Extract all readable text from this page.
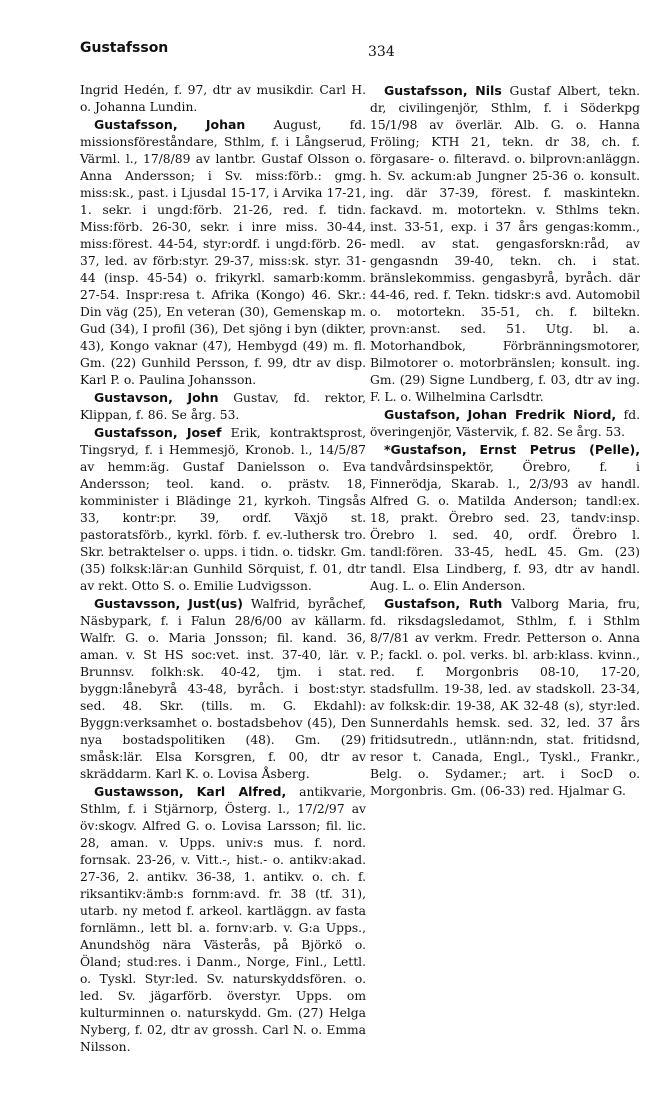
Gustafsson	334

Ingrid Hedén, f. 97, dtr av musikdir. Carl H. o. Johanna Lundin.

Gustafsson, Johan August, fd. missionsföreståndare, Sthlm, f. i Långserud, Värml. l., 17/8/89 av lantbr. Gustaf Olsson o. Anna Andersson; i Sv. miss:förb.: gmg. miss:sk., past. i Ljusdal 15-17, i Arvika 17-21, 1. sekr. i ungd:förb. 21-26, red. f. tidn. Miss:förb. 26-30, sekr. i inre miss. 30-44, miss:förest. 44-54, styr:ordf. i ungd:förb. 26-37, led. av förb:styr. 29-37, miss:sk. styr. 31-44 (insp. 45-54) o. frikyrkl. samarb:komm. 27-54. Inspr:resa t. Afrika (Kongo) 46. Skr.: Din väg (25), En veteran (30), Gemenskap m. Gud (34), I profil (36), Det sjöng i byn (dikter, 43), Kongo vaknar (47), Hembygd (49) m. fl. Gm. (22) Gunhild Persson, f. 99, dtr av disp. Karl P. o. Paulina Johansson.

Gustavson, John Gustav, fd. rektor, Klippan, f. 86. Se årg. 53.

Gustafsson, Josef Erik, kontraktsprost, Tingsryd, f. i Hemmesjö, Kronob. l., 14/5/87 av hemm:äg. Gustaf Danielsson o. Eva Andersson; teol. kand. o. prästv. 18, komminister i Blädinge 21, kyrkoh. Tingsås 33, kontr:pr. 39, ordf. Växjö st. pastoratsförb., kyrkl. förb. f. ev.-luthersk tro. Skr. betraktelser o. upps. i tidn. o. tidskr. Gm. (35) folksk:lär:an Gunhild Sörquist, f. 01, dtr av rekt. Otto S. o. Emilie Ludvigsson.

Gustavsson, Just(us) Walfrid, byråchef, Näsbypark, f. i Falun 28/6/00 av källarm. Walfr. G. o. Maria Jonsson; fil. kand. 36, aman. v. St HS soc:vet. inst. 37-40, lär. v. Brunnsv. folkh:sk. 40-42, tjm. i stat. byggn:lånebyrå 43-48, byråch. i bost:styr. sed. 48. Skr. (tills. m. G. Ekdahl): Byggn:verksamhet o. bostadsbehov (45), Den nya bostadspolitiken (48). Gm. (29) småsk:lär. Elsa Korsgren, f. 00, dtr av skräddarm. Karl K. o. Lovisa Åsberg.

Gustawsson, Karl Alfred, antikvarie, Sthlm, f. i Stjärnorp, Österg. l., 17/2/97 av öv:skogv. Alfred G. o. Lovisa Larsson; fil. lic. 28, aman. v. Upps. univ:s mus. f. nord. fornsak. 23-26, v. Vitt.-, hist.- o. antikv:akad. 27-36, 2. antikv. 36-38, 1. antikv. o. ch. f. riksantikv:ämb:s fornm:avd. fr. 38 (tf. 31), utarb. ny metod f. arkeol. kartläggn. av fasta fornlämn., lett bl. a. fornv:arb. v. G:a Upps., Anundshög nära Västerås, på Björkö o. Öland; stud:res. i Danm., Norge, Finl., Lettl. o. Tyskl. Styr:led. Sv. naturskyddsfören. o. led. Sv. jägarförb. överstyr. Upps. om kulturminnen o. naturskydd. Gm. (27) Helga Nyberg, f. 02, dtr av grossh. Carl N. o. Emma Nilsson.

Gustafsson, Nils Gustaf Albert, tekn. dr, civilingenjör, Sthlm, f. i Söderkpg 15/1/98 av överlär. Alb. G. o. Hanna Fröling; KTH 21, tekn. dr 38, ch. f. förgasare- o. filteravd. o. bilprovn:anläggn. h. Sv. ackum:ab Jungner 25-36 o. konsult. ing. där 37-39, förest. f. maskintekn. fackavd. m. motortekn. v. Sthlms tekn. inst. 33-51, exp. i 37 års gengas:komm., medl. av stat. gengasforskn:råd, av gengasndn 39-40, tekn. ch. i stat. bränslekommiss. gengasbyrå, byråch. där 44-46, red. f. Tekn. tidskr:s avd. Automobil o. motortekn. 35-51, ch. f. biltekn. provn:anst. sed. 51. Utg. bl. a. Motorhandbok, Förbränningsmotorer, Bilmotorer o. motorbränslen; konsult. ing. Gm. (29) Signe Lundberg, f. 03, dtr av ing. F. L. o. Wilhelmina Carlsdtr.

Gustafson, Johan Fredrik Niord, fd. överingenjör, Västervik, f. 82. Se årg. 53.

*Gustafson, Ernst Petrus (Pelle), tandvårdsinspektör, Örebro, f. i Finnerödja, Skarab. l., 2/3/93 av handl. Alfred G. o. Matilda Anderson; tandl:ex. 18, prakt. Örebro sed. 23, tandv:insp. Örebro l. sed. 40, ordf. Örebro l. tandl:fören. 33-45, hedL 45. Gm. (23) tandl. Elsa Lindberg, f. 93, dtr av handl. Aug. L. o. Elin Anderson.

Gustafson, Ruth Valborg Maria, fru, fd. riksdagsledamot, Sthlm, f. i Sthlm 8/7/81 av verkm. Fredr. Petterson o. Anna P.; fackl. o. pol. verks. bl. arb:klass. kvinn., red. f. Morgonbris 08-10, 17-20, stadsfullm. 19-38, led. av stadskoll. 23-34, av folksk:dir. 19-38, AK 32-48 (s), styr:led. Sunnerdahls hemsk. sed. 32, led. 37 års fritidsutredn., utlänn:ndn, stat. fritidsnd, resor t. Canada, Engl., Tyskl., Frankr., Belg. o. Sydamer.; art. i SocD o. Morgonbris. Gm. (06-33) red. Hjalmar G.
